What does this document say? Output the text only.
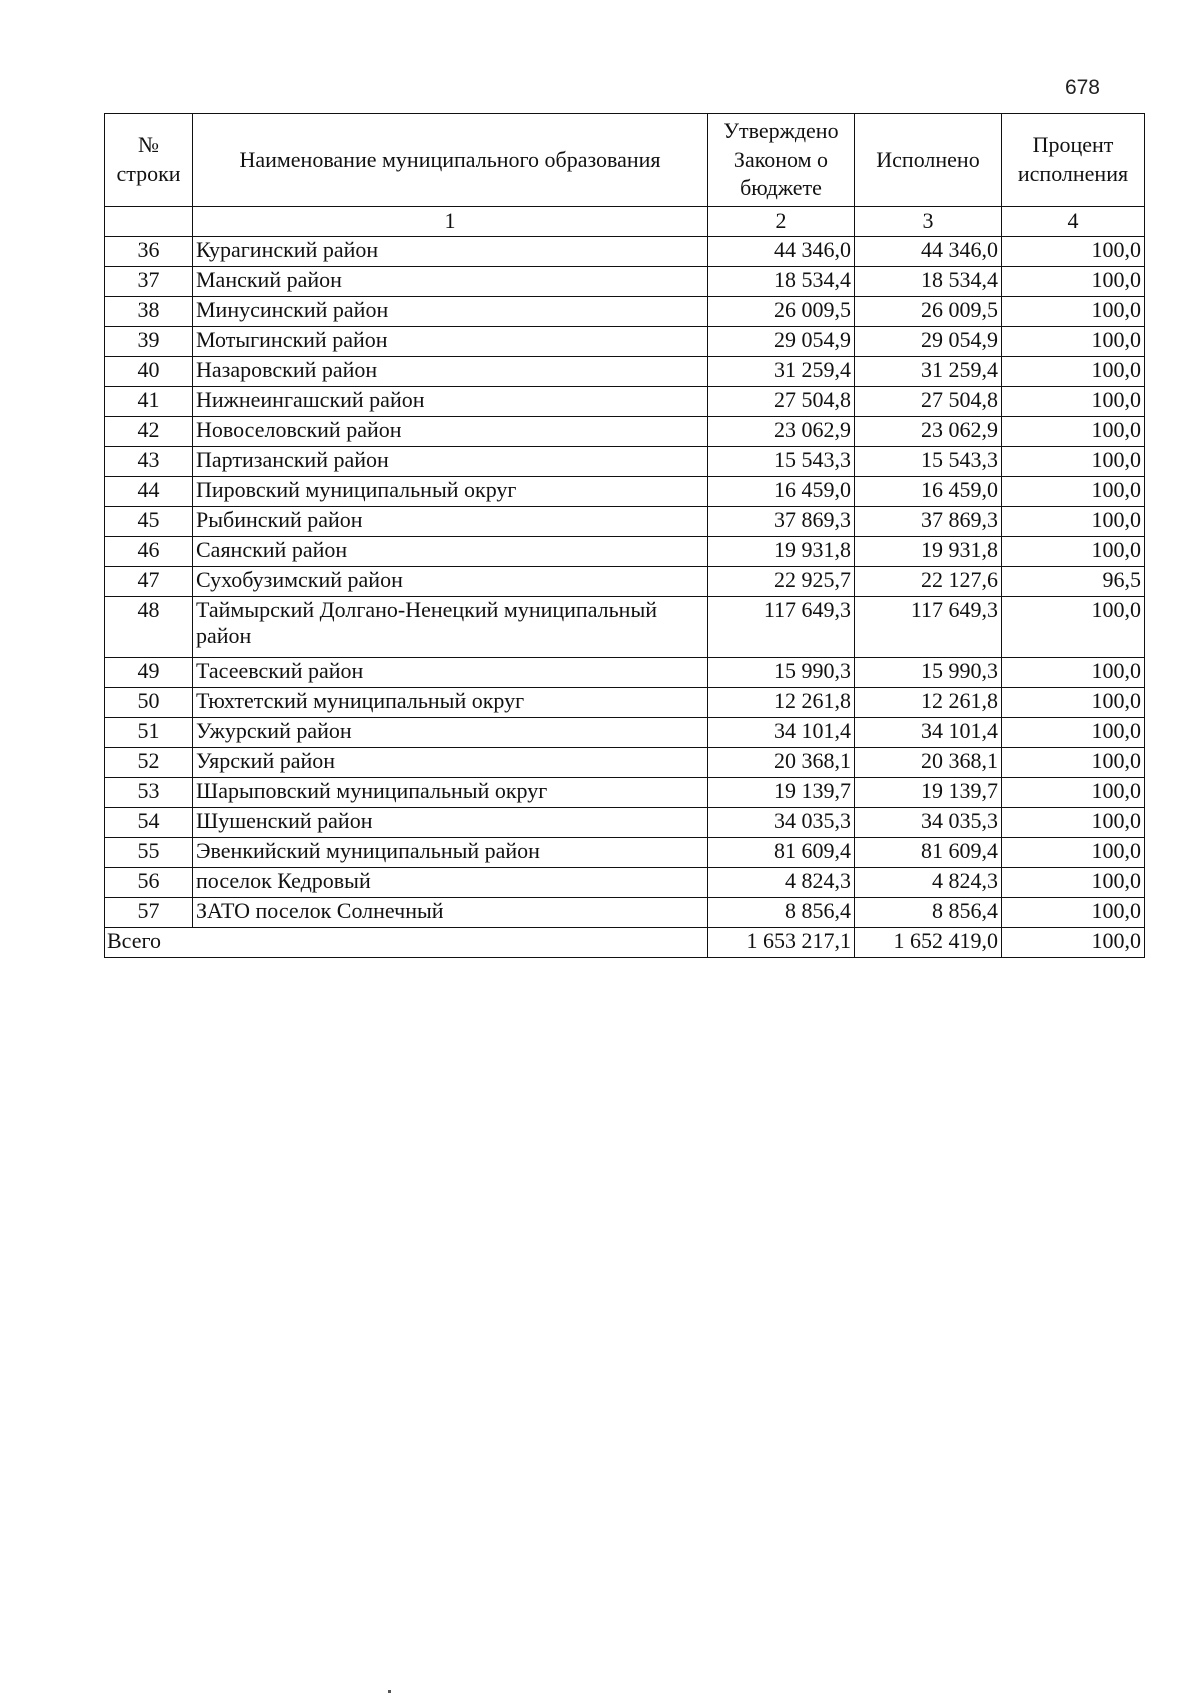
678
№ строки	Наименование муниципального образования	Утверждено Законом о бюджете	Исполнено	Процент исполнения
	1	2	3	4
36	Курагинский район	44 346,0	44 346,0	100,0
37	Манский район	18 534,4	18 534,4	100,0
38	Минусинский район	26 009,5	26 009,5	100,0
39	Мотыгинский район	29 054,9	29 054,9	100,0
40	Назаровский район	31 259,4	31 259,4	100,0
41	Нижнеингашский район	27 504,8	27 504,8	100,0
42	Новоселовский район	23 062,9	23 062,9	100,0
43	Партизанский район	15 543,3	15 543,3	100,0
44	Пировский муниципальный округ	16 459,0	16 459,0	100,0
45	Рыбинский район	37 869,3	37 869,3	100,0
46	Саянский район	19 931,8	19 931,8	100,0
47	Сухобузимский район	22 925,7	22 127,6	96,5
48	Таймырский Долгано-Ненецкий муниципальный район	117 649,3	117 649,3	100,0
49	Тасеевский район	15 990,3	15 990,3	100,0
50	Тюхтетский муниципальный округ	12 261,8	12 261,8	100,0
51	Ужурский район	34 101,4	34 101,4	100,0
52	Уярский район	20 368,1	20 368,1	100,0
53	Шарыповский муниципальный округ	19 139,7	19 139,7	100,0
54	Шушенский район	34 035,3	34 035,3	100,0
55	Эвенкийский муниципальный район	81 609,4	81 609,4	100,0
56	поселок Кедровый	4 824,3	4 824,3	100,0
57	ЗАТО поселок Солнечный	8 856,4	8 856,4	100,0
Всего		1 653 217,1	1 652 419,0	100,0
